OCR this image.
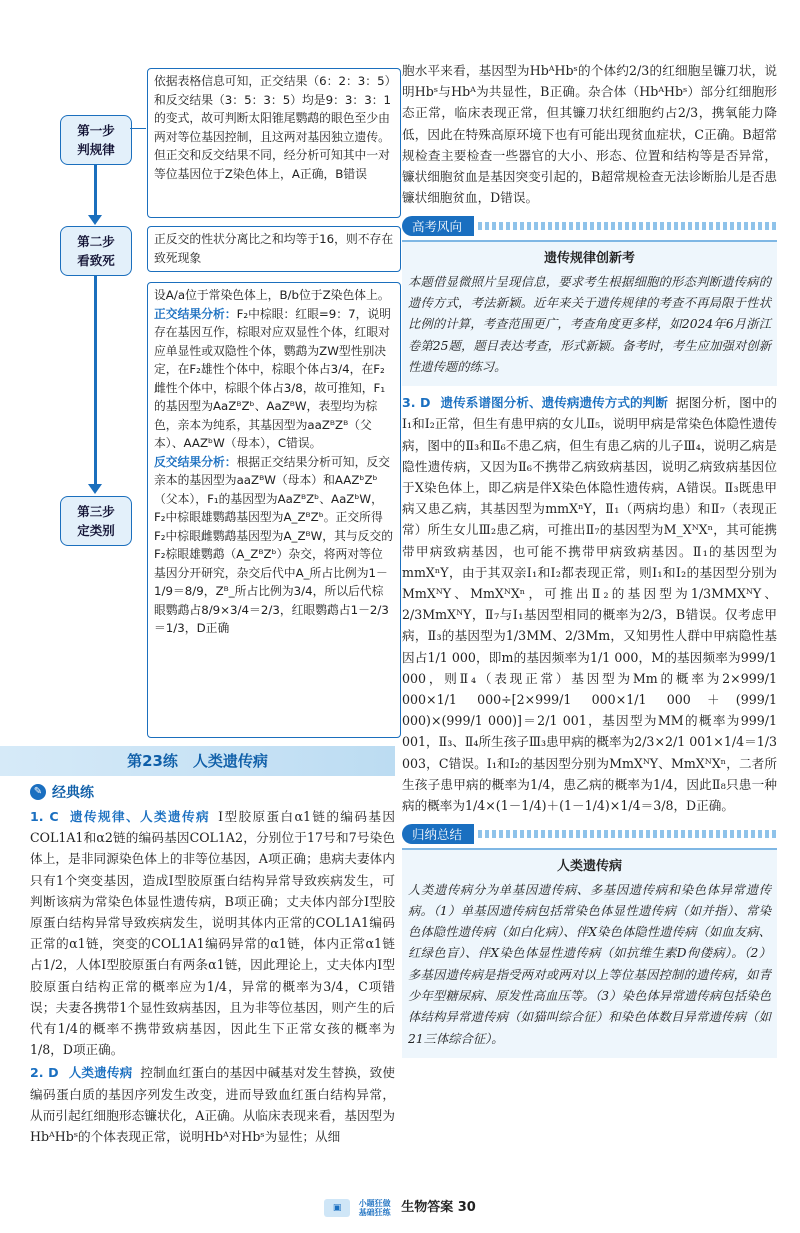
第一步
判规律
依据表格信息可知，正交结果（6：2：3：5）和反交结果（3：5：3：5）均是9：3：3：1的变式，故可判断太阳锥尾鹦鹉的眼色至少由两对等位基因控制，且这两对基因独立遗传。但正交和反交结果不同，经分析可知其中一对等位基因位于Z染色体上，A正确，B错误
第二步
看致死
正反交的性状分离比之和均等于16，则不存在致死现象
第三步
定类别
设A/a位于常染色体上，B/b位于Z染色体上。
正交结果分析：F₂中棕眼：红眼=9：7，说明存在基因互作，棕眼对应双显性个体，红眼对应单显性或双隐性个体，鹦鹉为ZW型性别决定，在F₂雄性个体中，棕眼个体占3/4，在F₂雌性个体中，棕眼个体占3/8，故可推知，F₁的基因型为AaZᴮZᵇ、AaZᴮW，表型均为棕色，亲本为纯系，其基因型为aaZᴮZᴮ（父本）、AAZᵇW（母本），C错误。
反交结果分析：根据正交结果分析可知，反交亲本的基因型为aaZᴮW（母本）和AAZᵇZᵇ（父本），F₁的基因型为AaZᴮZᵇ、AaZᵇW，F₂中棕眼雄鹦鹉基因型为A_ZᴮZᵇ。正交所得F₂中棕眼雌鹦鹉基因型为A_ZᴮW，其与反交的F₂棕眼雄鹦鹉（A_ZᴮZᵇ）杂交，将两对等位基因分开研究，杂交后代中A_所占比例为1－1/9＝8/9，Zᴮ_所占比例为3/4，所以后代棕眼鹦鹉占8/9×3/4＝2/3，红眼鹦鹉占1－2/3＝1/3，D正确
第23练　人类遗传病
✎ 经典练

1. C 遗传规律、人类遗传病 Ⅰ型胶原蛋白α1链的编码基因COL1A1和α2链的编码基因COL1A2，分别位于17号和7号染色体上，是非同源染色体上的非等位基因，A项正确；患病夫妻体内只有1个突变基因，造成Ⅰ型胶原蛋白结构异常导致疾病发生，可判断该病为常染色体显性遗传病，B项正确；丈夫体内部分Ⅰ型胶原蛋白结构异常导致疾病发生，说明其体内正常的COL1A1编码正常的α1链，突变的COL1A1编码异常的α1链，体内正常α1链占1/2，人体Ⅰ型胶原蛋白有两条α1链，因此理论上，丈夫体内Ⅰ型胶原蛋白结构正常的概率应为1/4，异常的概率为3/4，C项错误；夫妻各携带1个显性致病基因，且为非等位基因，则产生的后代有1/4的概率不携带致病基因，因此生下正常女孩的概率为1/8，D项正确。

2. D 人类遗传病 控制血红蛋白的基因中碱基对发生替换，致使编码蛋白质的基因序列发生改变，进而导致血红蛋白结构异常，从而引起红细胞形态镰状化，A正确。从临床表现来看，基因型为HbᴬHbˢ的个体表现正常，说明Hbᴬ对Hbˢ为显性；从细

胞水平来看，基因型为HbᴬHbˢ的个体约2/3的红细胞呈镰刀状，说明Hbˢ与Hbᴬ为共显性，B正确。杂合体（HbᴬHbˢ）部分红细胞形态正常，临床表现正常，但其镰刀状红细胞约占2/3，携氧能力降低，因此在特殊高原环境下也有可能出现贫血症状，C正确。B超常规检查主要检查一些器官的大小、形态、位置和结构等是否异常，镰状细胞贫血是基因突变引起的，B超常规检查无法诊断胎儿是否患镰状细胞贫血，D错误。

高考风向
遗传规律创新考
本题借显微照片呈现信息，要求考生根据细胞的形态判断遗传病的遗传方式，考法新颖。近年来关于遗传规律的考查不再局限于性状比例的计算，考查范围更广，考查角度更多样，如2024年6月浙江卷第25题，题目表达考查，形式新颖。备考时，考生应加强对创新性遗传题的练习。

3. D 遗传系谱图分析、遗传病遗传方式的判断 据图分析，图中的Ⅰ₁和Ⅰ₂正常，但生有患甲病的女儿Ⅱ₅，说明甲病是常染色体隐性遗传病，图中的Ⅱ₃和Ⅱ₆不患乙病，但生有患乙病的儿子Ⅲ₄，说明乙病是隐性遗传病，又因为Ⅱ₆不携带乙病致病基因，说明乙病致病基因位于X染色体上，即乙病是伴X染色体隐性遗传病，A错误。Ⅱ₃既患甲病又患乙病，其基因型为mmXⁿY，Ⅱ₁（两病均患）和Ⅱ₇（表现正常）所生女儿Ⅲ₂患乙病，可推出Ⅱ₇的基因型为M_XᴺXⁿ，其可能携带甲病致病基因，也可能不携带甲病致病基因。Ⅱ₁的基因型为mmXⁿY，由于其双亲Ⅰ₁和Ⅰ₂都表现正常，则Ⅰ₁和Ⅰ₂的基因型分别为MmXᴺY、MmXᴺXⁿ，可推出Ⅱ₂的基因型为1/3MMXᴺY、2/3MmXᴺY，Ⅱ₇与Ⅰ₁基因型相同的概率为2/3，B错误。仅考虑甲病，Ⅱ₃的基因型为1/3MM、2/3Mm，又知男性人群中甲病隐性基因占1/1 000，即m的基因频率为1/1 000，M的基因频率为999/1 000，则Ⅱ₄（表现正常）基因型为Mm的概率为2×999/1 000×1/1 000÷[2×999/1 000×1/1 000＋(999/1 000)×(999/1 000)]＝2/1 001，基因型为MM的概率为999/1 001，Ⅱ₃、Ⅱ₄所生孩子Ⅲ₃患甲病的概率为2/3×2/1 001×1/4＝1/3 003，C错误。Ⅰ₁和Ⅰ₂的基因型分别为MmXᴺY、MmXᴺXⁿ，二者所生孩子患甲病的概率为1/4，患乙病的概率为1/4，因此Ⅱ₈只患一种病的概率为1/4×(1－1/4)＋(1－1/4)×1/4＝3/8，D正确。

归纳总结
人类遗传病
人类遗传病分为单基因遗传病、多基因遗传病和染色体异常遗传病。（1）单基因遗传病包括常染色体显性遗传病（如并指）、常染色体隐性遗传病（如白化病）、伴X染色体隐性遗传病（如血友病、红绿色盲）、伴X染色体显性遗传病（如抗维生素D佝偻病）。（2）多基因遗传病是指受两对或两对以上等位基因控制的遗传病，如青少年型糖尿病、原发性高血压等。（3）染色体异常遗传病包括染色体结构异常遗传病（如猫叫综合征）和染色体数目异常遗传病（如21三体综合征）。
▣ 小题狂做
基础狂练 生物答案 30
